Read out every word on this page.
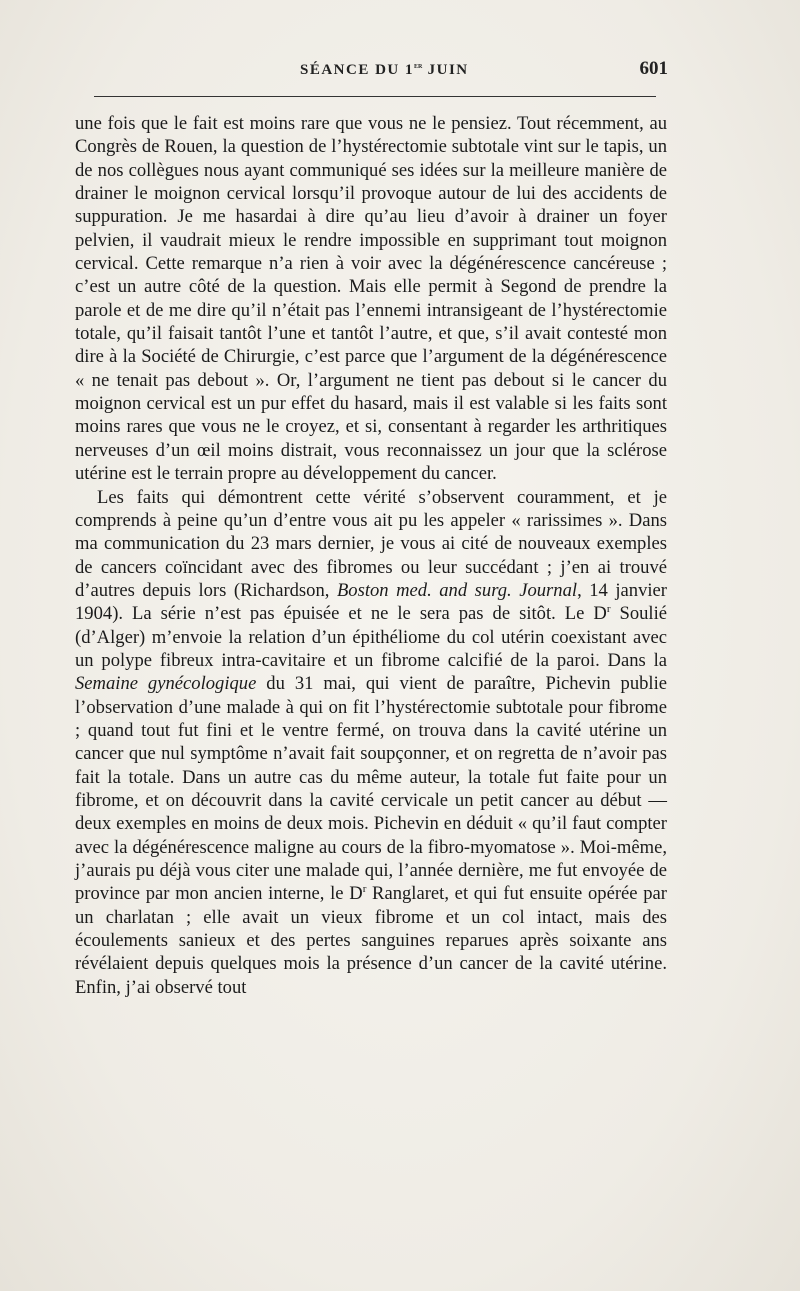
SÉANCE DU 1er JUIN	601

une fois que le fait est moins rare que vous ne le pensiez. Tout récemment, au Congrès de Rouen, la question de l’hystérectomie subtotale vint sur le tapis, un de nos collègues nous ayant communiqué ses idées sur la meilleure manière de drainer le moignon cervical lorsqu’il provoque autour de lui des accidents de suppuration. Je me hasardai à dire qu’au lieu d’avoir à drainer un foyer pelvien, il vaudrait mieux le rendre impossible en supprimant tout moignon cervical. Cette remarque n’a rien à voir avec la dégénérescence cancéreuse ; c’est un autre côté de la question. Mais elle permit à Segond de prendre la parole et de me dire qu’il n’était pas l’ennemi intransigeant de l’hystérectomie totale, qu’il faisait tantôt l’une et tantôt l’autre, et que, s’il avait contesté mon dire à la Société de Chirurgie, c’est parce que l’argument de la dégénérescence « ne tenait pas debout ». Or, l’argument ne tient pas debout si le cancer du moignon cervical est un pur effet du hasard, mais il est valable si les faits sont moins rares que vous ne le croyez, et si, consentant à regarder les arthritiques nerveuses d’un œil moins distrait, vous reconnaissez un jour que la sclérose utérine est le terrain propre au développement du cancer.

Les faits qui démontrent cette vérité s’observent couramment, et je comprends à peine qu’un d’entre vous ait pu les appeler « rarissimes ». Dans ma communication du 23 mars dernier, je vous ai cité de nouveaux exemples de cancers coïncidant avec des fibromes ou leur succédant ; j’en ai trouvé d’autres depuis lors (Richardson, Boston med. and surg. Journal, 14 janvier 1904). La série n’est pas épuisée et ne le sera pas de sitôt. Le $D^r$ Soulié (d’Alger) m’envoie la relation d’un épithéliome du col utérin coexistant avec un polype fibreux intra-cavitaire et un fibrome calcifié de la paroi. Dans la Semaine gynécologique du 31 mai, qui vient de paraître, Pichevin publie l’observation d’une malade à qui on fit l’hystérectomie subtotale pour fibrome ; quand tout fut fini et le ventre fermé, on trouva dans la cavité utérine un cancer que nul symptôme n’avait fait soupçonner, et on regretta de n’avoir pas fait la totale. Dans un autre cas du même auteur, la totale fut faite pour un fibrome, et on découvrit dans la cavité cervicale un petit cancer au début — deux exemples en moins de deux mois. Pichevin en déduit « qu’il faut compter avec la dégénérescence maligne au cours de la fibro-myomatose ». Moi-même, j’aurais pu déjà vous citer une malade qui, l’année dernière, me fut envoyée de province par mon ancien interne, le $D^r$ Ranglaret, et qui fut ensuite opérée par un charlatan ; elle avait un vieux fibrome et un col intact, mais des écoulements sanieux et des pertes sanguines reparues après soixante ans révélaient depuis quelques mois la présence d’un cancer de la cavité utérine. Enfin, j’ai observé tout
